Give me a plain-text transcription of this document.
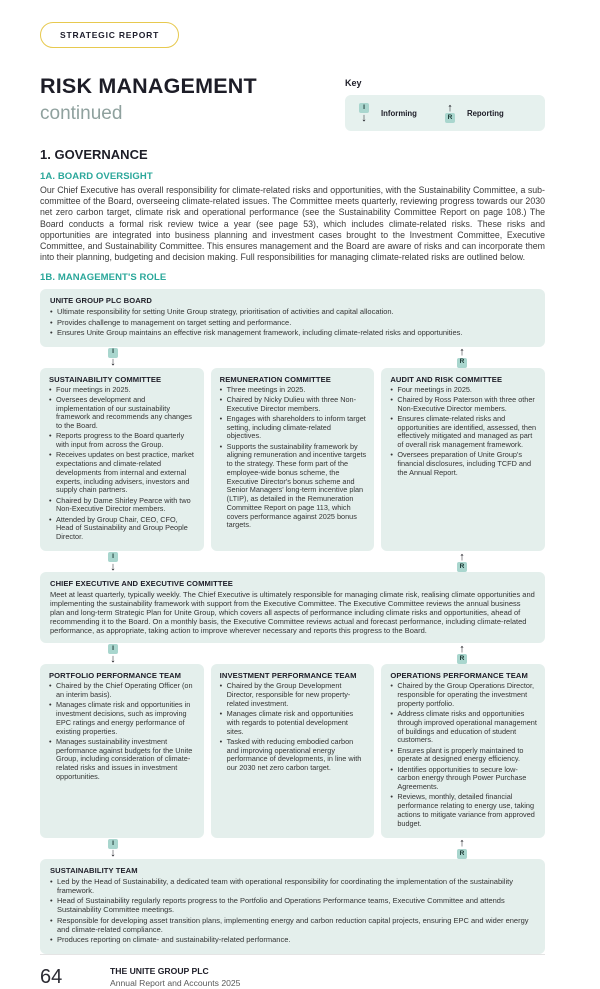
STRATEGIC REPORT
RISK MANAGEMENT
continued
Key
I
↓ Informing	↑
R	Reporting
1. GOVERNANCE
1A. BOARD OVERSIGHT

Our Chief Executive has overall responsibility for climate-related risks and opportunities, with the Sustainability Committee, a sub-committee of the Board, overseeing climate-related issues. The Committee meets quarterly, reviewing progress towards our 2030 net zero carbon target, climate risk and operational performance (see the Sustainability Committee Report on page 108.) The Board conducts a formal risk review twice a year (see page 53), which includes climate-related risks. These risks and opportunities are integrated into business planning and investment cases brought to the Investment Committee, Executive Committee, and Sustainability Committee. This ensures management and the Board are aware of risks and can incorporate them into their planning, budgeting and decision making. Full responsibilities for managing climate-related risks are outlined below.

1B. MANAGEMENT'S ROLE
UNITE GROUP PLC BOARD
• Ultimate responsibility for setting Unite Group strategy, prioritisation of activities and capital allocation.
• Provides challenge to management on target setting and performance.
• Ensures Unite Group maintains an effective risk management framework, including climate-related risks and opportunities.
I
↓
↑
R
SUSTAINABILITY COMMITTEE
• Four meetings in 2025.
• Oversees development and implementation of our sustainability framework and recommends any changes to the Board.
• Reports progress to the Board quarterly with input from across the Group.
• Receives updates on best practice, market expectations and climate-related developments from internal and external experts, including advisers, investors and supply chain partners.
• Chaired by Dame Shirley Pearce with two Non-Executive Director members.
• Attended by Group Chair, CEO, CFO, Head of Sustainability and Group People Director.
REMUNERATION COMMITTEE
• Three meetings in 2025.
• Chaired by Nicky Dulieu with three Non-Executive Director members.
• Engages with shareholders to inform target setting, including climate-related objectives.
• Supports the sustainability framework by aligning remuneration and incentive targets to the strategy. These form part of the employee-wide bonus scheme, the Executive Director's bonus scheme and Senior Managers' long-term incentive plan (LTIP), as detailed in the Remuneration Committee Report on page 113, which covers performance against 2025 bonus targets.
AUDIT AND RISK COMMITTEE
• Four meetings in 2025.
• Chaired by Ross Paterson with three other Non-Executive Director members.
• Ensures climate-related risks and opportunities are identified, assessed, then effectively mitigated and managed as part of overall risk management framework.
• Oversees preparation of Unite Group's financial disclosures, including TCFD and the Annual Report.
I
↓
↑
R
CHIEF EXECUTIVE AND EXECUTIVE COMMITTEE
Meet at least quarterly, typically weekly. The Chief Executive is ultimately responsible for managing climate risk, realising climate opportunities and implementing the sustainability framework with support from the Executive Committee. The Executive Committee reviews the annual business plan and long-term Strategic Plan for Unite Group, which covers all aspects of performance including climate risks and opportunities, ahead of recommending it to the Board. On a monthly basis, the Executive Committee reviews actual and forecast performance, including climate-related performance, as appropriate, taking action to improve wherever necessary and reports this progress to the Board.
I
↓
↑
R
PORTFOLIO PERFORMANCE TEAM
• Chaired by the Chief Operating Officer (on an interim basis).
• Manages climate risk and opportunities in investment decisions, such as improving EPC ratings and energy performance of existing properties.
• Manages sustainability investment performance against budgets for the Unite Group, including consideration of climate-related risks and issues in investment opportunities.
INVESTMENT PERFORMANCE TEAM
• Chaired by the Group Development Director, responsible for new property-related investment.
• Manages climate risk and opportunities with regards to potential development sites.
• Tasked with reducing embodied carbon and improving operational energy performance of developments, in line with our 2030 net zero carbon target.
OPERATIONS PERFORMANCE TEAM
• Chaired by the Group Operations Director, responsible for operating the investment property portfolio.
• Address climate risks and opportunities through improved operational management of buildings and education of student customers.
• Ensures plant is properly maintained to operate at designed energy efficiency.
• Identifies opportunities to secure low-carbon energy through Power Purchase Agreements.
• Reviews, monthly, detailed financial performance relating to energy use, taking actions to mitigate variance from approved budget.
I
↓
↑
R
SUSTAINABILITY TEAM
• Led by the Head of Sustainability, a dedicated team with operational responsibility for coordinating the implementation of the sustainability framework.
• Head of Sustainability regularly reports progress to the Portfolio and Operations Performance teams, Executive Committee and attends Sustainability Committee meetings.
• Responsible for developing asset transition plans, implementing energy and carbon reduction capital projects, ensuring EPC and wider energy and climate-related compliance.
• Produces reporting on climate- and sustainability-related performance.
64	THE UNITE GROUP PLC
Annual Report and Accounts 2025
